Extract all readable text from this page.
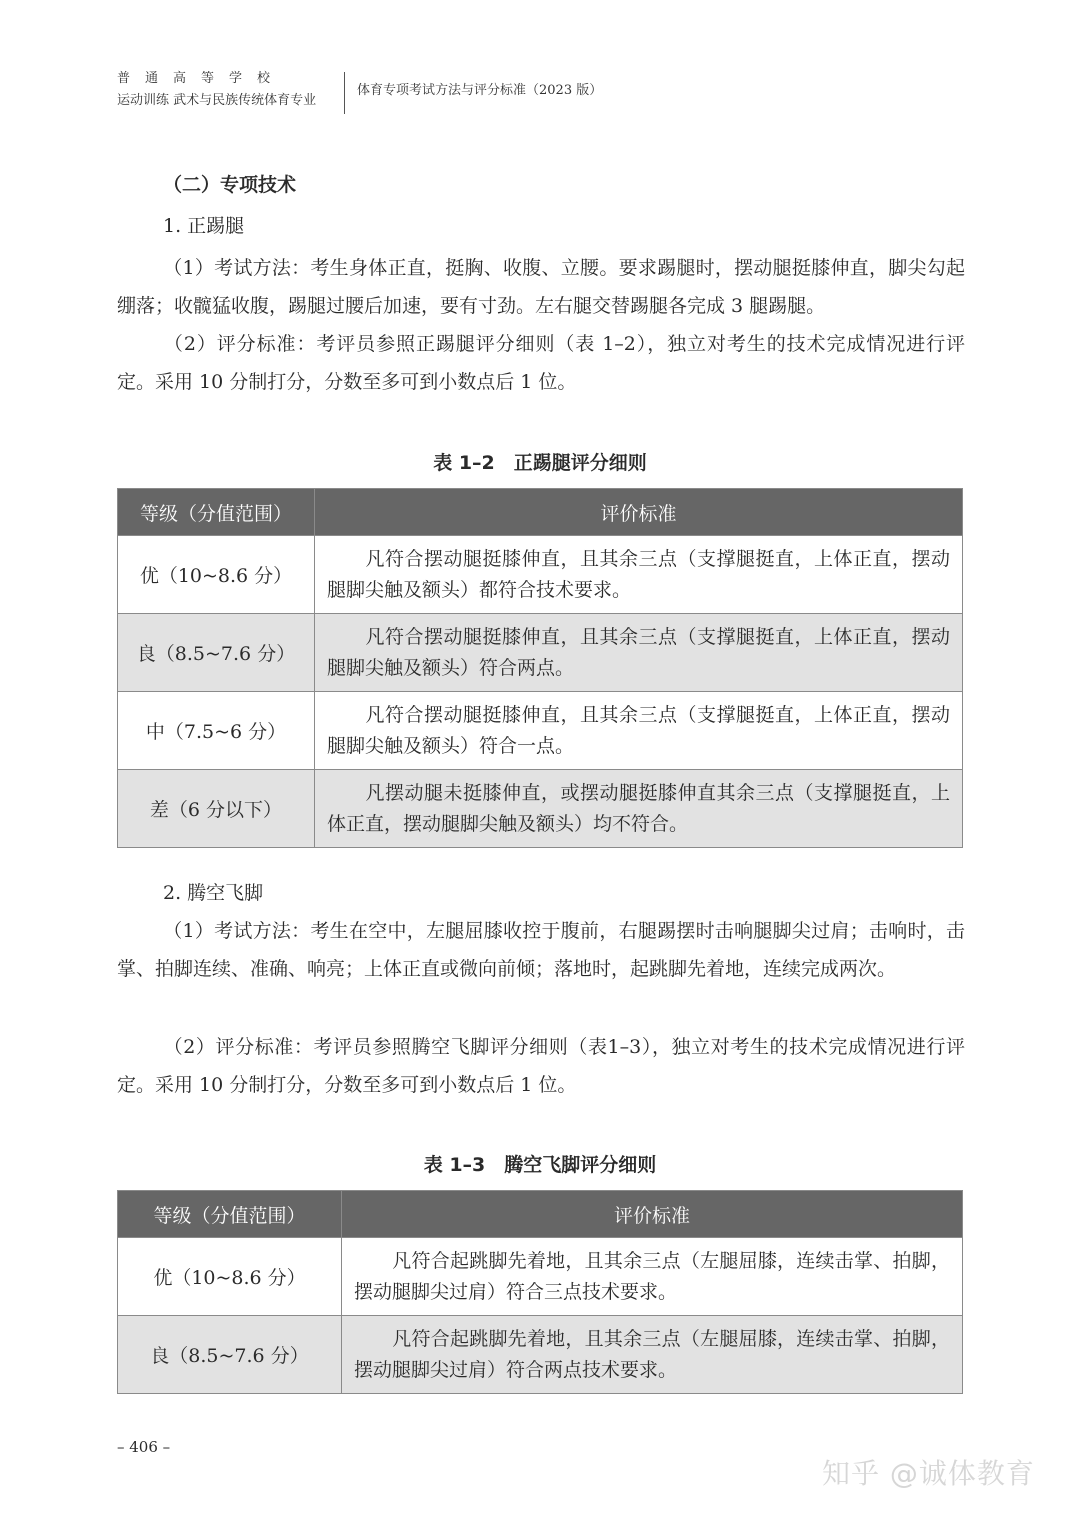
普通高等学校
运动训练 武术与民族传统体育专业
体育专项考试方法与评分标准（2023 版）
（二）专项技术
1. 正踢腿
（1）考试方法：考生身体正直，挺胸、收腹、立腰。要求踢腿时，摆动腿挺膝伸直，脚尖勾起绷落；收髋猛收腹，踢腿过腰后加速，要有寸劲。左右腿交替踢腿各完成 3 腿踢腿。
（2）评分标准：考评员参照正踢腿评分细则（表 1–2），独立对考生的技术完成情况进行评定。采用 10 分制打分，分数至多可到小数点后 1 位。
表 1–2　正踢腿评分细则
等级（分值范围）	评价标准
优（10~8.6 分）	凡符合摆动腿挺膝伸直，且其余三点（支撑腿挺直，上体正直，摆动腿脚尖触及额头）都符合技术要求。
良（8.5~7.6 分）	凡符合摆动腿挺膝伸直，且其余三点（支撑腿挺直，上体正直，摆动腿脚尖触及额头）符合两点。
中（7.5~6 分）	凡符合摆动腿挺膝伸直，且其余三点（支撑腿挺直，上体正直，摆动腿脚尖触及额头）符合一点。
差（6 分以下）	凡摆动腿未挺膝伸直，或摆动腿挺膝伸直其余三点（支撑腿挺直，上体正直，摆动腿脚尖触及额头）均不符合。
2. 腾空飞脚
（1）考试方法：考生在空中，左腿屈膝收控于腹前，右腿踢摆时击响腿脚尖过肩；击响时，击掌、拍脚连续、准确、响亮；上体正直或微向前倾；落地时，起跳脚先着地，连续完成两次。
（2）评分标准：考评员参照腾空飞脚评分细则（表1–3），独立对考生的技术完成情况进行评定。采用 10 分制打分，分数至多可到小数点后 1 位。
表 1–3　腾空飞脚评分细则
等级（分值范围）	评价标准
优（10~8.6 分）	凡符合起跳脚先着地，且其余三点（左腿屈膝，连续击掌、拍脚， 摆动腿脚尖过肩）符合三点技术要求。
良（8.5~7.6 分）	凡符合起跳脚先着地，且其余三点（左腿屈膝，连续击掌、拍脚， 摆动腿脚尖过肩）符合两点技术要求。
– 406 –
知乎 @诚体教育
